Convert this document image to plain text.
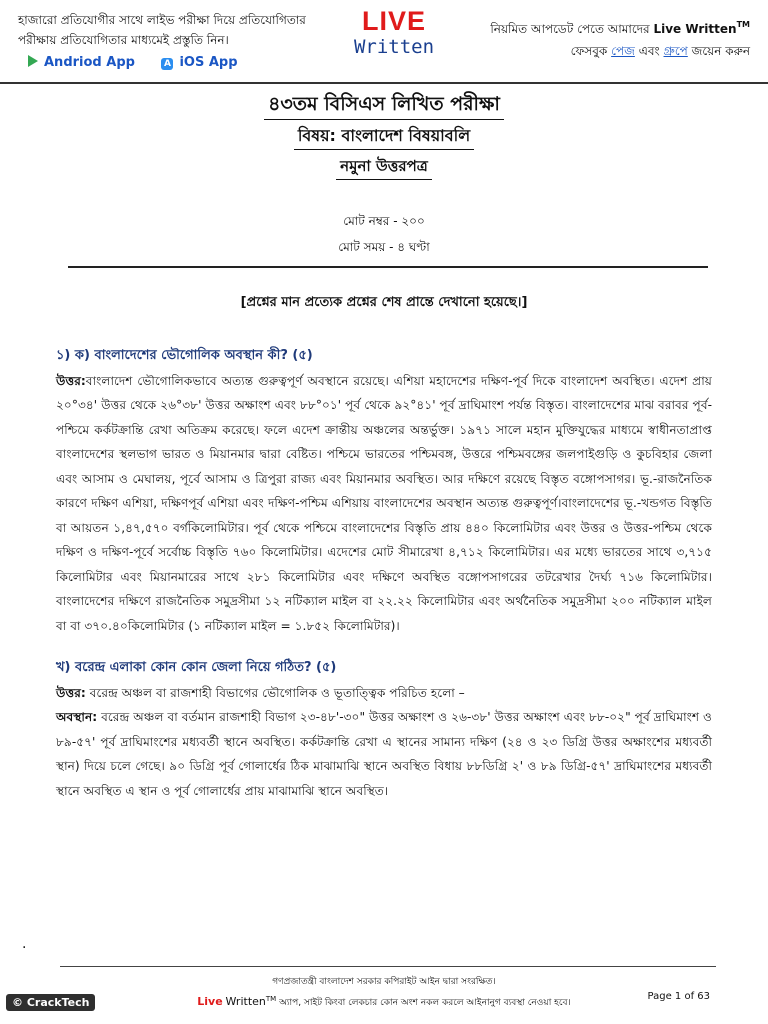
হাজারো প্রতিযোগীর সাথে লাইভ পরীক্ষা দিয়ে প্রতিযোগিতার
পরীক্ষায় প্রতিযোগিতার মাধ্যমেই প্রস্তুতি নিন।
Andriod App	A iOS App
LIVE
Written
নিয়মিত আপডেট পেতে আমাদের Live Written™
ফেসবুক পেজ এবং গ্রুপে জয়েন করুন
৪৩তম বিসিএস লিখিত পরীক্ষা
বিষয়: বাংলাদেশ বিষয়াবলি
নমুনা উত্তরপত্র
মোট নম্বর - ২০০
মোট সময় - ৪ ঘণ্টা
[প্রশ্নের মান প্রত্যেক প্রশ্নের শেষ প্রান্তে দেখানো হয়েছে।]

১) ক) বাংলাদেশের ভৌগোলিক অবস্থান কী? (৫)

উত্তর:বাংলাদেশ ভৌগোলিকভাবে অত্যন্ত গুরুত্বপূর্ণ অবস্থানে রয়েছে। এশিয়া মহাদেশের দক্ষিণ-পূর্ব দিকে বাংলাদেশ অবস্থিত। এদেশ প্রায় ২০°৩৪' উত্তর থেকে ২৬°৩৮' উত্তর অক্ষাংশ এবং ৮৮°০১' পূর্ব থেকে ৯২°৪১' পূর্ব দ্রাঘিমাংশ পর্যন্ত বিস্তৃত। বাংলাদেশের মাঝ বরাবর পূর্ব-পশ্চিমে কর্কটক্রান্তি রেখা অতিক্রম করেছে। ফলে এদেশ ক্রান্তীয় অঞ্চলের অন্তর্ভুক্ত। ১৯৭১ সালে মহান মুক্তিযুদ্ধের মাধ্যমে স্বাধীনতাপ্রাপ্ত বাংলাদেশের স্থলভাগ ভারত ও মিয়ানমার দ্বারা বেষ্টিত। পশ্চিমে ভারতের পশ্চিমবঙ্গ, উত্তরে পশ্চিমবঙ্গের জলপাইগুড়ি ও কুচবিহার জেলা এবং আসাম ও মেঘালয়, পূর্বে আসাম ও ত্রিপুরা রাজ্য এবং মিয়ানমার অবস্থিত। আর দক্ষিণে রয়েছে বিস্তৃত বঙ্গোপসাগর। ভূ.-রাজনৈতিক কারণে দক্ষিণ এশিয়া, দক্ষিণপূর্ব এশিয়া এবং দক্ষিণ-পশ্চিম এশিয়ায় বাংলাদেশের অবস্থান অত্যন্ত গুরুত্বপূর্ণ।বাংলাদেশের ভূ.-খন্ডগত বিস্তৃতি বা আয়তন ১,৪৭,৫৭০ বর্গকিলোমিটার। পূর্ব থেকে পশ্চিমে বাংলাদেশের বিস্তৃতি প্রায় ৪৪০ কিলোমিটার এবং উত্তর ও উত্তর-পশ্চিম থেকে দক্ষিণ ও দক্ষিণ-পূর্বে সর্বোচ্চ বিস্তৃতি ৭৬০ কিলোমিটার। এদেশের মোট সীমারেখা ৪,৭১২ কিলোমিটার। এর মধ্যে ভারতের সাথে ৩,৭১৫ কিলোমিটার এবং মিয়ানমারের সাথে ২৮১ কিলোমিটার এবং দক্ষিণে অবস্থিত বঙ্গোপসাগরের তটরেখার দৈর্ঘ্য ৭১৬ কিলোমিটার। বাংলাদেশের দক্ষিণে রাজনৈতিক সমুদ্রসীমা ১২ নটিক্যাল মাইল বা ২২.২২ কিলোমিটার এবং অর্থনৈতিক সমুদ্রসীমা ২০০ নটিক্যাল মাইল বা বা ৩৭০.৪০কিলোমিটার (১ নটিক্যাল মাইল = ১.৮৫২ কিলোমিটার)।

খ) বরেন্দ্র এলাকা কোন কোন জেলা নিয়ে গঠিত? (৫)

উত্তর: বরেন্দ্র অঞ্চল বা রাজশাহী বিভাগের ভৌগোলিক ও ভূতাত্ত্বিক পরিচিত হলো –

অবস্থান: বরেন্দ্র অঞ্চল বা বর্তমান রাজশাহী বিভাগ ২৩-৪৮'-৩০" উত্তর অক্ষাংশ ও ২৬-৩৮' উত্তর অক্ষাংশ এবং ৮৮-০২" পূর্ব দ্রাঘিমাংশ ও ৮৯-৫৭' পূর্ব দ্রাঘিমাংশের মধ্যবর্তী স্থানে অবস্থিত। কর্কটক্রান্তি রেখা এ স্থানের সামান্য দক্ষিণ (২৪ ও ২৩ ডিগ্রি উত্তর অক্ষাংশের মধ্যবর্তী স্থান) দিয়ে চলে গেছে। ৯০ ডিগ্রি পূর্ব গোলার্ধের ঠিক মাঝামাঝি স্থানে অবস্থিত বিধায় ৮৮ডিগ্রি ২' ও ৮৯ ডিগ্রি-৫৭' দ্রাঘিমাংশের মধ্যবর্তী স্থানে অবস্থিত এ স্থান ও পূর্ব গোলার্ধের প্রায় মাঝামাঝি স্থানে অবস্থিত।

.
গণপ্রজাতন্ত্রী বাংলাদেশ সরকার কপিরাইট আইন দ্বারা সংরক্ষিত।
Live Written™ অ্যাপ, সাইট কিংবা লেকচার কোন অংশ নকল করলে আইনানুগ ব্যবস্থা নেওয়া হবে।
Page 1 of 63
© CrackTech
